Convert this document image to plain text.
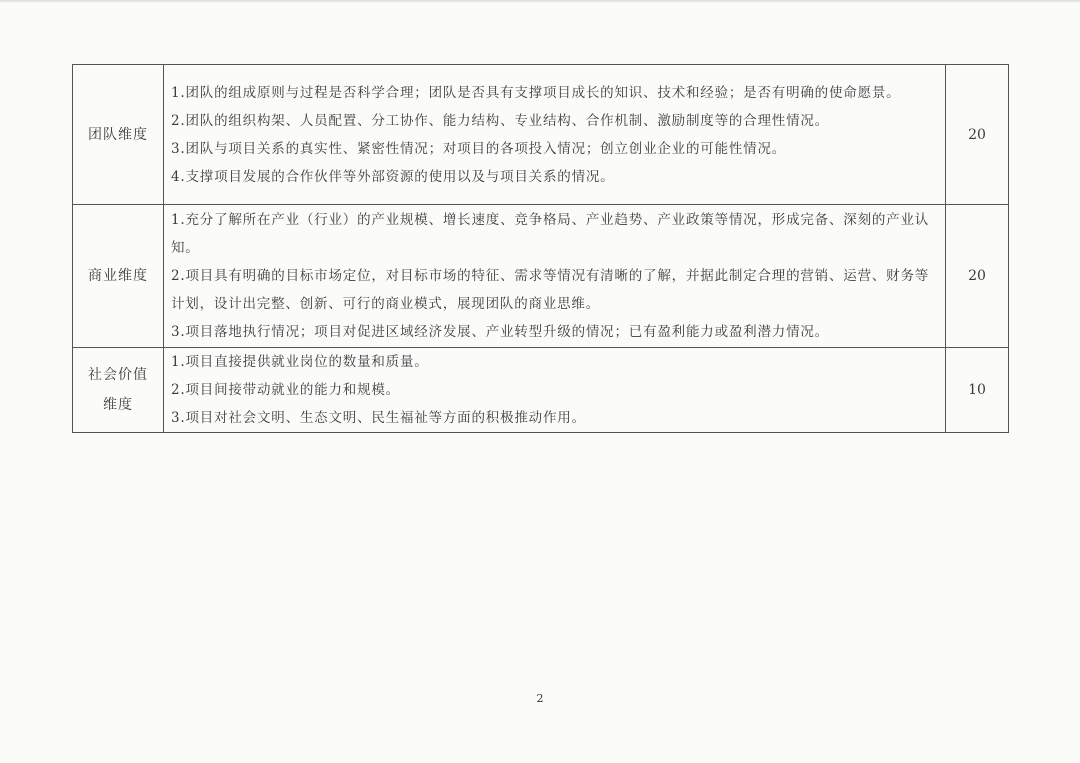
团队维度	1.团队的组成原则与过程是否科学合理；团队是否具有支撑项目成长的知识、技术和经验；是否有明确的使命愿景。
2.团队的组织构架、人员配置、分工协作、能力结构、专业结构、合作机制、激励制度等的合理性情况。
3.团队与项目关系的真实性、紧密性情况；对项目的各项投入情况；创立创业企业的可能性情况。
4.支撑项目发展的合作伙伴等外部资源的使用以及与项目关系的情况。	20
商业维度	1.充分了解所在产业（行业）的产业规模、增长速度、竞争格局、产业趋势、产业政策等情况，形成完备、深刻的产业认知。
2.项目具有明确的目标市场定位，对目标市场的特征、需求等情况有清晰的了解，并据此制定合理的营销、运营、财务等计划，设计出完整、创新、可行的商业模式，展现团队的商业思维。
3.项目落地执行情况；项目对促进区域经济发展、产业转型升级的情况；已有盈利能力或盈利潜力情况。	20
社会价值维度	1.项目直接提供就业岗位的数量和质量。
2.项目间接带动就业的能力和规模。
3.项目对社会文明、生态文明、民生福祉等方面的积极推动作用。	10
2
